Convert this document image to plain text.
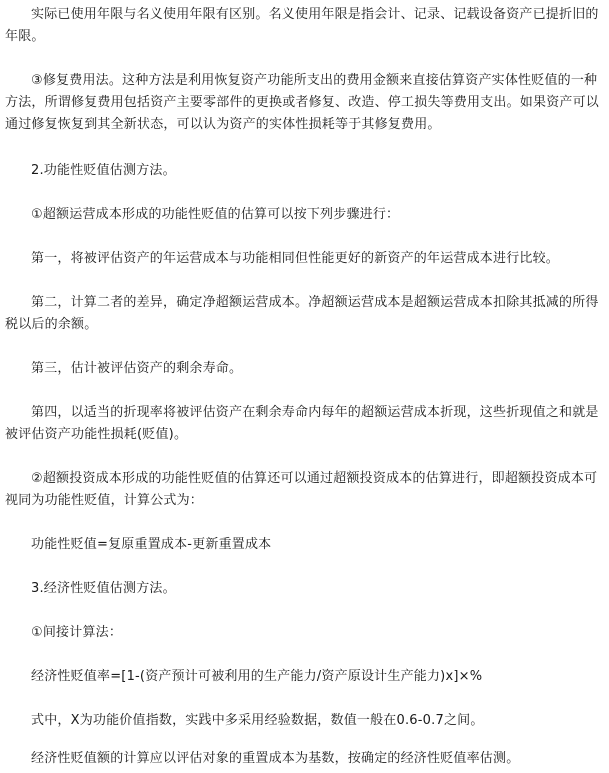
实际已使用年限与名义使用年限有区别。名义使用年限是指会计、记录、记载设备资产已提折旧的年限。

③修复费用法。这种方法是利用恢复资产功能所支出的费用金额来直接估算资产实体性贬值的一种方法，所谓修复费用包括资产主要零部件的更换或者修复、改造、停工损失等费用支出。如果资产可以通过修复恢复到其全新状态，可以认为资产的实体性损耗等于其修复费用。

2.功能性贬值估测方法。

①超额运营成本形成的功能性贬值的估算可以按下列步骤进行：

第一，将被评估资产的年运营成本与功能相同但性能更好的新资产的年运营成本进行比较。

第二，计算二者的差异，确定净超额运营成本。净超额运营成本是超额运营成本扣除其抵减的所得税以后的余额。

第三，估计被评估资产的剩余寿命。

第四，以适当的折现率将被评估资产在剩余寿命内每年的超额运营成本折现，这些折现值之和就是被评估资产功能性损耗(贬值)。

②超额投资成本形成的功能性贬值的估算还可以通过超额投资成本的估算进行，即超额投资成本可视同为功能性贬值，计算公式为：

功能性贬值=复原重置成本-更新重置成本

3.经济性贬值估测方法。

①间接计算法：

经济性贬值率=[1-(资产预计可被利用的生产能力/资产原设计生产能力)x]×%

式中，X为功能价值指数，实践中多采用经验数据，数值一般在0.6-0.7之间。

经济性贬值额的计算应以评估对象的重置成本为基数，按确定的经济性贬值率估测。
